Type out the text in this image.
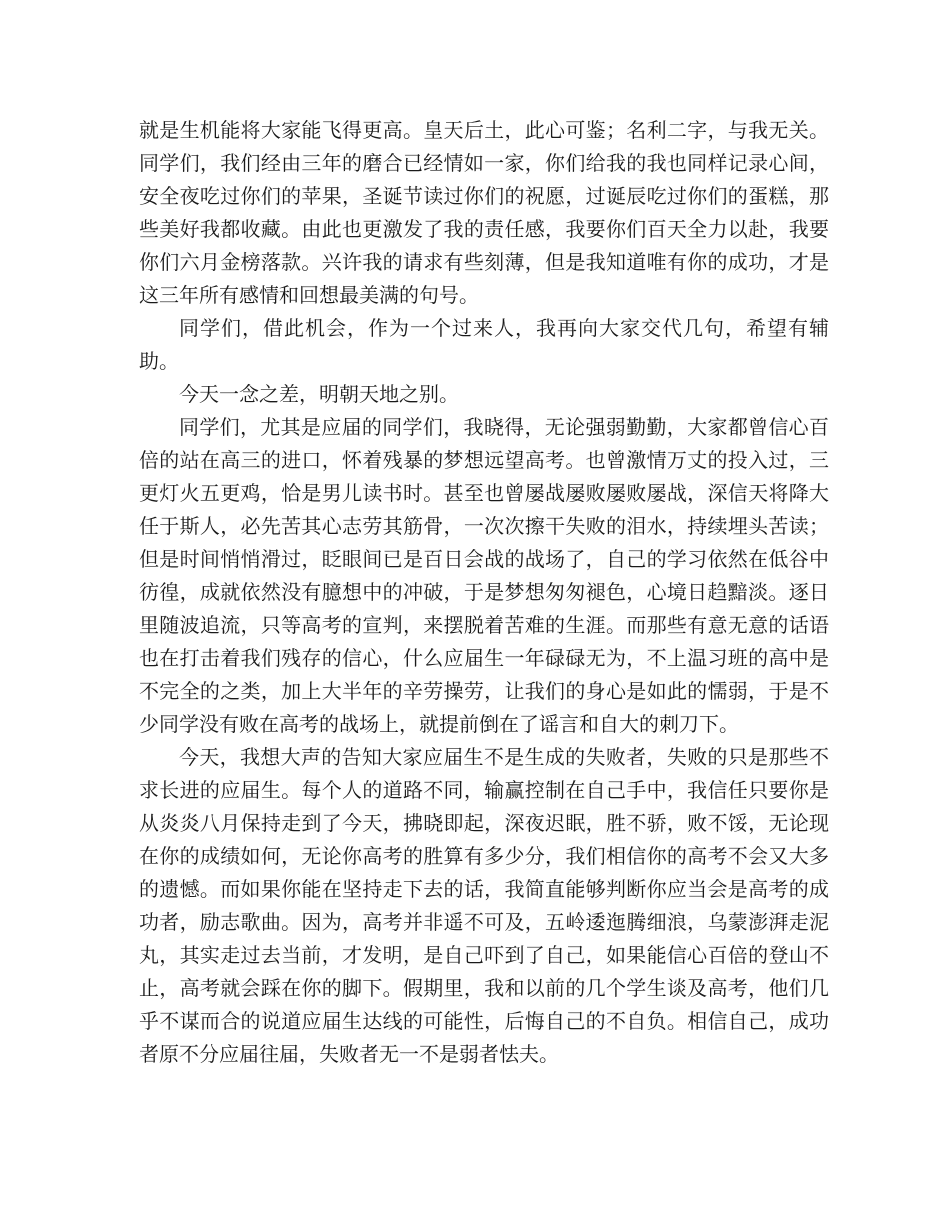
就是生机能将大家能飞得更高。皇天后土，此心可鉴；名利二字，与我无关。同学们，我们经由三年的磨合已经情如一家，你们给我的我也同样记录心间，安全夜吃过你们的苹果，圣诞节读过你们的祝愿，过诞辰吃过你们的蛋糕，那些美好我都收藏。由此也更激发了我的责任感，我要你们百天全力以赴，我要你们六月金榜落款。兴许我的请求有些刻薄，但是我知道唯有你的成功，才是这三年所有感情和回想最美满的句号。

同学们，借此机会，作为一个过来人，我再向大家交代几句，希望有辅助。

今天一念之差，明朝天地之别。

同学们，尤其是应届的同学们，我晓得，无论强弱勤勤，大家都曾信心百倍的站在高三的进口，怀着残暴的梦想远望高考。也曾激情万丈的投入过，三更灯火五更鸡，恰是男儿读书时。甚至也曾屡战屡败屡败屡战，深信天将降大任于斯人，必先苦其心志劳其筋骨，一次次擦干失败的泪水，持续埋头苦读；但是时间悄悄滑过，眨眼间已是百日会战的战场了，自己的学习依然在低谷中彷徨，成就依然没有臆想中的冲破，于是梦想匆匆褪色，心境日趋黯淡。逐日里随波追流，只等高考的宣判，来摆脱着苦难的生涯。而那些有意无意的话语也在打击着我们残存的信心，什么应届生一年碌碌无为，不上温习班的高中是不完全的之类，加上大半年的辛劳操劳，让我们的身心是如此的懦弱，于是不少同学没有败在高考的战场上，就提前倒在了谣言和自大的刺刀下。

今天，我想大声的告知大家应届生不是生成的失败者，失败的只是那些不求长进的应届生。每个人的道路不同，输赢控制在自己手中，我信任只要你是从炎炎八月保持走到了今天，拂晓即起，深夜迟眠，胜不骄，败不馁，无论现在你的成绩如何，无论你高考的胜算有多少分，我们相信你的高考不会又大多的遗憾。而如果你能在坚持走下去的话，我简直能够判断你应当会是高考的成功者，励志歌曲。因为，高考并非遥不可及，五岭逶迤腾细浪，乌蒙澎湃走泥丸，其实走过去当前，才发明，是自己吓到了自己，如果能信心百倍的登山不止，高考就会踩在你的脚下。假期里，我和以前的几个学生谈及高考，他们几乎不谋而合的说道应届生达线的可能性，后悔自己的不自负。相信自己，成功者原不分应届往届，失败者无一不是弱者怯夫。
